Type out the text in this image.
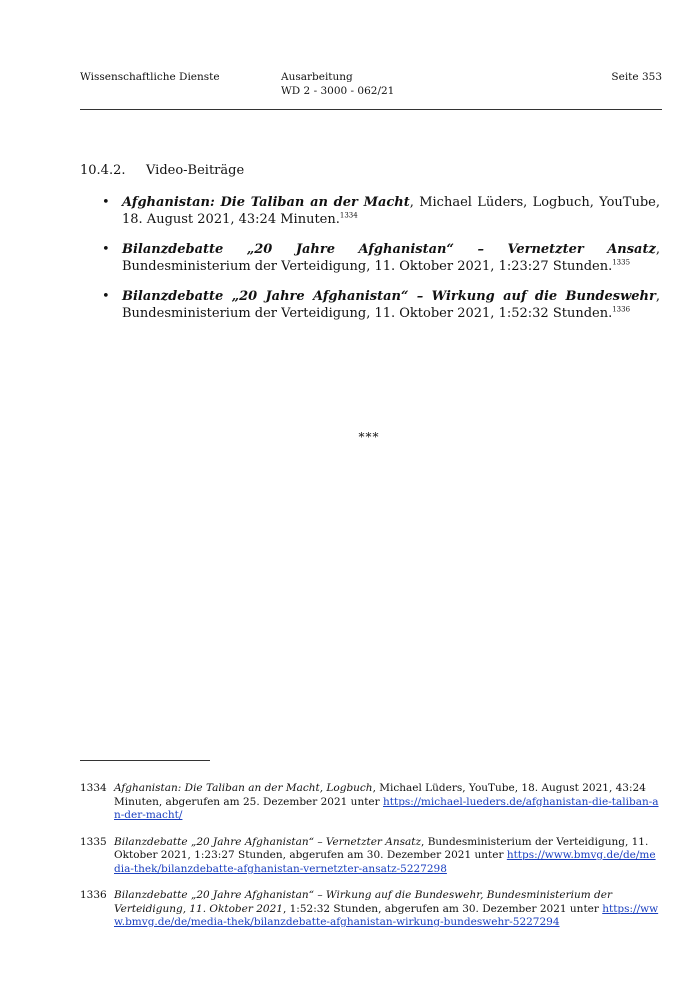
Wissenschaftliche Dienste	Ausarbeitung
WD 2 - 3000 - 062/21
Seite 353
10.4.2. Video-Beiträge
• Afghanistan: Die Taliban an der Macht, Michael Lüders, Logbuch, YouTube, 18. August 2021, 43:24 Minuten.$^{1334}$
• Bilanzdebatte „20 Jahre Afghanistan“ – Vernetzter Ansatz, Bundesministerium der Verteidigung, 11. Oktober 2021, 1:23:27 Stunden.$^{1335}$
• Bilanzdebatte „20 Jahre Afghanistan“ – Wirkung auf die Bundeswehr, Bundesministerium der Verteidigung, 11. Oktober 2021, 1:52:32 Stunden.$^{1336}$
***
1334 Afghanistan: Die Taliban an der Macht, Logbuch, Michael Lüders, YouTube, 18. August 2021, 43:24 Minuten, abgerufen am 25. Dezember 2021 unter https://michael-lueders.de/afghanistan-die-taliban-an-der-macht/
1335 Bilanzdebatte „20 Jahre Afghanistan“ – Vernetzter Ansatz, Bundesministerium der Verteidigung, 11. Oktober 2021, 1:23:27 Stunden, abgerufen am 30. Dezember 2021 unter https://www.bmvg.de/de/media-thek/bilanzdebatte-afghanistan-vernetzter-ansatz-5227298
1336 Bilanzdebatte „20 Jahre Afghanistan“ – Wirkung auf die Bundeswehr, Bundesministerium der Verteidigung, 11. Oktober 2021, 1:52:32 Stunden, abgerufen am 30. Dezember 2021 unter https://www.bmvg.de/de/media-thek/bilanzdebatte-afghanistan-wirkung-bundeswehr-5227294
